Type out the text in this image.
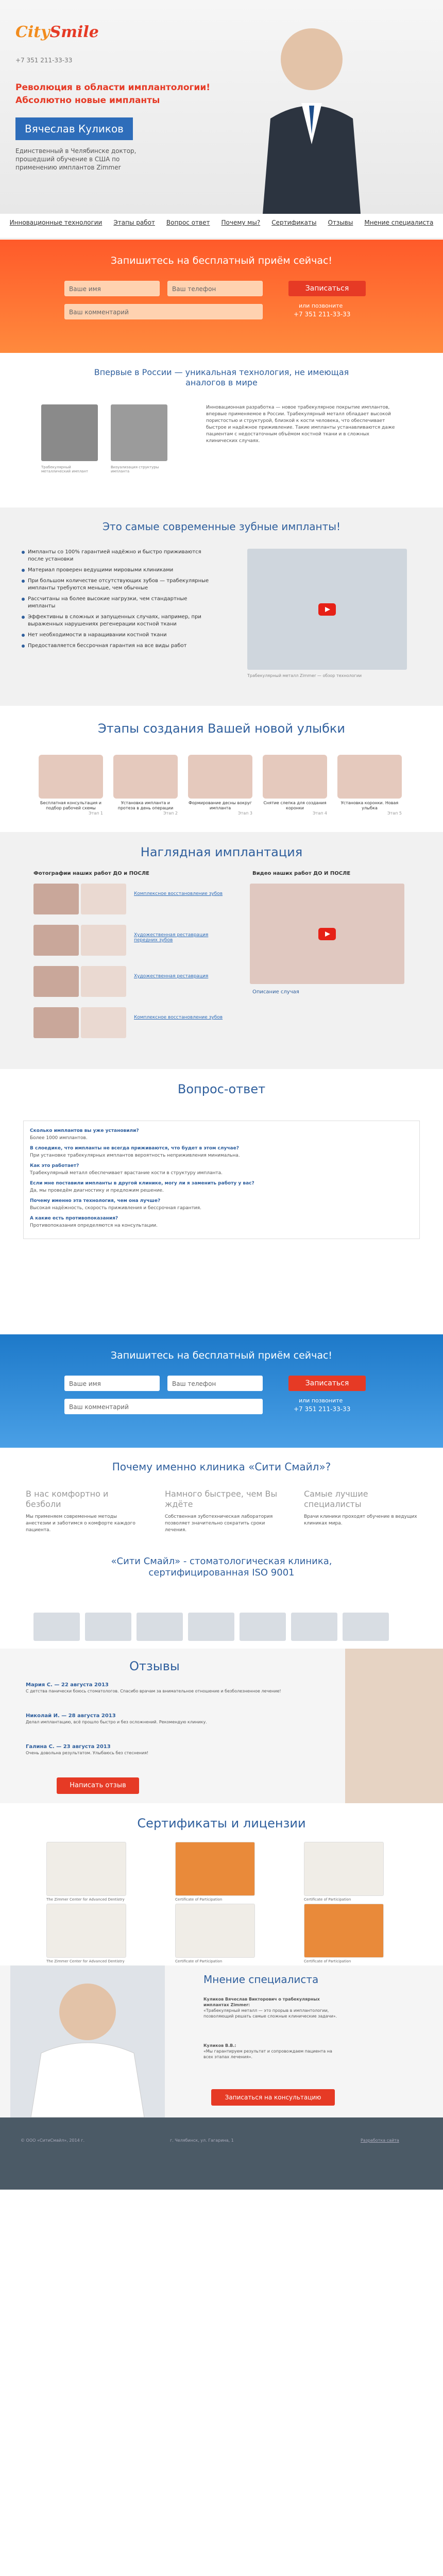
CitySmile
+7 351 211-33-33
Революция в области имплантологии!
Абсолютно новые импланты
Вячеслав Куликов
Единственный в Челябинске доктор, прошедший обучение в США по применению имплантов Zimmer
Инновационные технологии Этапы работ Вопрос ответ Почему мы? Сертификаты Отзывы Мнение специалиста
Запишитесь на бесплатный приём сейчас!
Ваше имя	Ваш телефон	Записаться
Ваш комментарий
или позвоните
+7 351 211-33-33
Впервые в России — уникальная технология, не имеющая аналогов в мире
Трабекулярный металлический имплант
Визуализация структуры импланта
Инновационная разработка — новое трабекулярное покрытие имплантов, впервые применяемое в России. Трабекулярный металл обладает высокой пористостью и структурой, близкой к кости человека, что обеспечивает быстрое и надёжное приживление. Такие импланты устанавливаются даже пациентам с недостаточным объёмом костной ткани и в сложных клинических случаях.
Это самые современные зубные импланты!
Импланты со 100% гарантией надёжно и быстро приживаются после установки
Материал проверен ведущими мировыми клиниками
При большом количестве отсутствующих зубов — трабекулярные импланты требуются меньше, чем обычные
Рассчитаны на более высокие нагрузки, чем стандартные импланты
Эффективны в сложных и запущенных случаях, например, при выраженных нарушениях регенерации костной ткани
Нет необходимости в наращивании костной ткани
Предоставляется бессрочная гарантия на все виды работ
Трабекулярный металл Zimmer — обзор технологии
Этапы создания Вашей новой улыбки
Бесплатная консультация и подбор рабочей схемы
Этап 1
Установка импланта и протеза в день операции
Этап 2
Формирование десны вокруг импланта
Этап 3
Снятие слепка для создания коронки
Этап 4
Установка коронки. Новая улыбка
Этап 5
Наглядная имплантация
Фотографии наших работ ДО и ПОСЛЕ	Видео наших работ ДО И ПОСЛЕ
Комплексное восстановление зубов
Художественная реставрация передних зубов
Художественная реставрация
Комплексное восстановление зубов
Описание случая
Вопрос-ответ
Сколько имплантов вы уже установили?
Более 1000 имплантов.
В слоедике, что импланты не всегда приживаются, что будет в этом случае?
При установке трабекулярных имплантов вероятность неприживления минимальна.
Как это работает?
Трабекулярный металл обеспечивает врастание кости в структуру импланта.
Если мне поставили импланты в другой клинике, могу ли я заменить работу у вас?
Да, мы проведём диагностику и предложим решение.
Почему именно эта технология, чем она лучше?
Высокая надёжность, скорость приживления и бессрочная гарантия.
А какие есть противопоказания?
Противопоказания определяются на консультации.
Запишитесь на бесплатный приём сейчас!
Ваше имя	Ваш телефон	Записаться
Ваш комментарий
или позвоните
+7 351 211-33-33
Почему именно клиника «Сити Смайл»?
В нас комфортно и безболи
Мы применяем современные методы анестезии и заботимся о комфорте каждого пациента.
Намного быстрее, чем Вы ждёте
Собственная зуботехническая лаборатория позволяет значительно сократить сроки лечения.
Самые лучшие специалисты
Врачи клиники проходят обучение в ведущих клиниках мира.
«Сити Смайл» - стоматологическая клиника, сертифицированная ISO 9001
Отзывы
Мария С. — 22 августа 2013
С детства панически боюсь стоматологов. Спасибо врачам за внимательное отношение и безболезненное лечение!
Николай И. — 28 августа 2013
Делал имплантацию, всё прошло быстро и без осложнений. Рекомендую клинику.
Галина С. — 23 августа 2013
Очень довольна результатом. Улыбаюсь без стеснения!
Написать отзыв
Сертификаты и лицензии
The Zimmer Center for Advanced Dentistry	Certificate of Participation	Certificate of Participation
The Zimmer Center for Advanced Dentistry	Certificate of Participation	Certificate of Participation
Мнение специалиста
Куликов Вячеслав Викторович о трабекулярных имплантах Zimmer:
«Трабекулярный металл — это прорыв в имплантологии, позволяющий решать самые сложные клинические задачи».
Куликов В.В.:
«Мы гарантируем результат и сопровождаем пациента на всех этапах лечения».
Записаться на консультацию
© ООО «СитиСмайл», 2014 г.	г. Челябинск, ул. Гагарина, 1	Разработка сайта
